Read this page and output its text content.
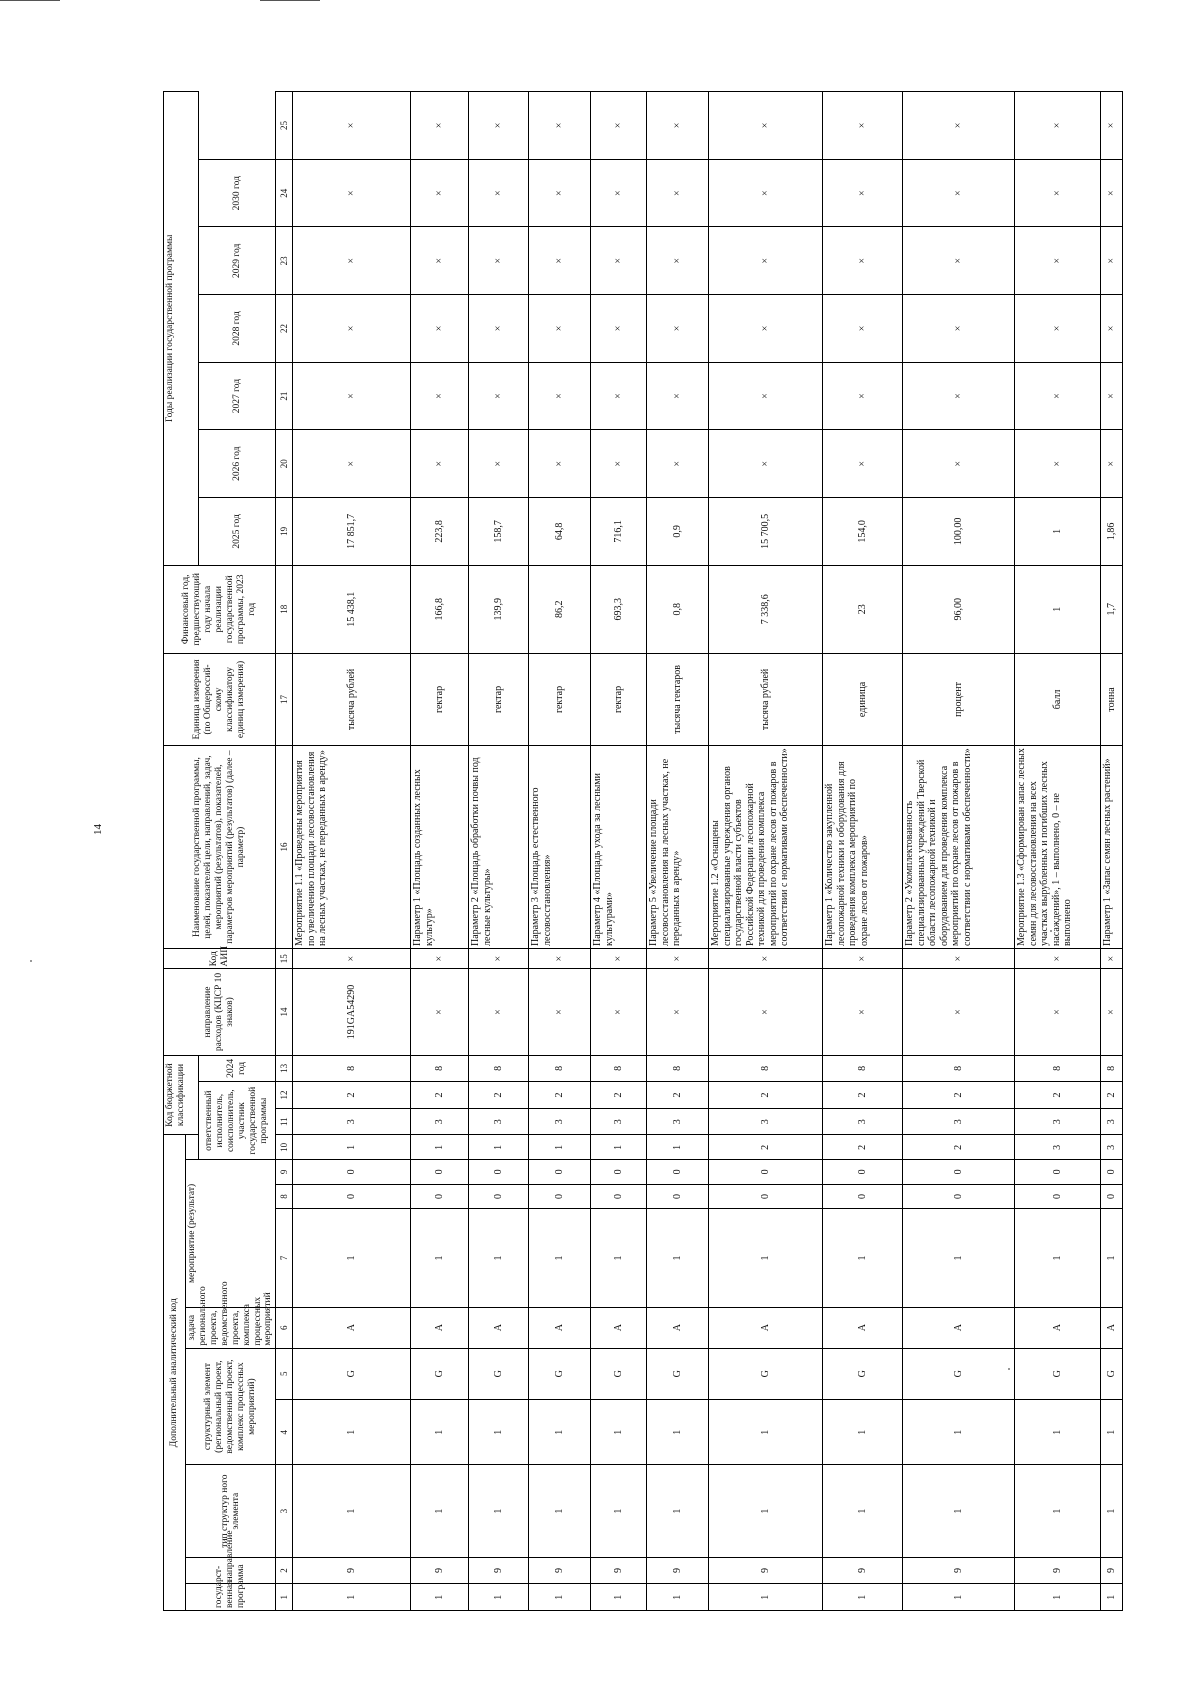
14
Дополнительный аналитический код										Код бюджетной классификации			направление расходов (КЦСР 10 знаков)	Код АИП	Наименование государственной программы, целей, показателей цели, направлений, задач, мероприятий (результатов), показателей, параметров мероприятий (результатов) (далее – параметр)	Единица измерения (по Общероссий-скому классификатору единиц измерения)	Финансовый год, предшествующий году начала реализации государственной программы, 2023 год	Годы реализации государственной программы						
государст-венная программа	направление	тип структур ного элемента	структурный элемент (региональный проект, ведомственный проект, комплекс процессных мероприятий)		задача регионального проекта, ведомственного проекта, комплекса процессных мероприятий	мероприятие (результат)																		
									ответственный исполнитель, соисполнитель, участник государственной программы			2024 год						2025 год	2026 год	2027 год	2028 год	2029 год	2030 год	
1	2	3	4	5	6	7	8	9	10	11	12	13	14	15	16	17	18	19	20	21	22	23	24	25
1	9	1	1	G	A	1	0	0	1	3	2	8	191GA54290	×	Мероприятие 1.1 «Проведены мероприятия по увеличению площади лесовосстановления на лесных участках, не переданных в аренду»	тысяча рублей	15 438,1	17 851,7	×	×	×	×	×	×
1	9	1	1	G	A	1	0	0	1	3	2	8	×	×	Параметр 1 «Площадь созданных лесных культур»	гектар	166,8	223,8	×	×	×	×	×	×
1	9	1	1	G	A	1	0	0	1	3	2	8	×	×	Параметр 2 «Площадь обработки почвы под лесные культуры»	гектар	139,9	158,7	×	×	×	×	×	×
1	9	1	1	G	A	1	0	0	1	3	2	8	×	×	Параметр 3 «Площадь естественного лесовосстановления»	гектар	86,2	64,8	×	×	×	×	×	×
1	9	1	1	G	A	1	0	0	1	3	2	8	×	×	Параметр 4 «Площадь ухода за лесными культурами»	гектар	693,3	716,1	×	×	×	×	×	×
1	9	1	1	G	A	1	0	0	1	3	2	8	×	×	Параметр 5 «Увеличение площади лесовосстановления на лесных участках, не переданных в аренду»	тысяча гектаров	0,8	0,9	×	×	×	×	×	×
1	9	1	1	G	A	1	0	0	2	3	2	8	×	×	Мероприятие 1.2 «Оснащены специализированные учреждения органов государственной власти субъектов Российской Федерации лесопожарной техникой для проведения комплекса мероприятий по охране лесов от пожаров в соответствии с нормативами обеспеченности»	тысяча рублей	7 338,6	15 700,5	×	×	×	×	×	×
1	9	1	1	G	A	1	0	0	2	3	2	8	×	×	Параметр 1 «Количество закупленной лесопожарной техники и оборудования для проведения комплекса мероприятий по охране лесов от пожаров»	единица	23	154,0	×	×	×	×	×	×
1	9	1	1	G	A	1	0	0	2	3	2	8	×	×	Параметр 2 «Укомплектованность специализированных учреждений Тверской области лесопожарной техникой и оборудованием для проведения комплекса мероприятий по охране лесов от пожаров в соответствии с нормативами обеспеченности»	процент	96,00	100,00	×	×	×	×	×	×
1	9	1	1	G	A	1	0	0	3	3	2	8	×	×	Мероприятие 1.3 «Сформирован запас лесных семян для лесовосстановления на всех участках вырубленных и погибших лесных насаждений», 1 – выполнено, 0 – не выполнено	балл	1	1	×	×	×	×	×	×
1	9	1	1	G	A	1	0	0	3	3	2	8	×	×	Параметр 1 «Запас семян лесных растений»	тонна	1,7	1,86	×	×	×	×	×	×
